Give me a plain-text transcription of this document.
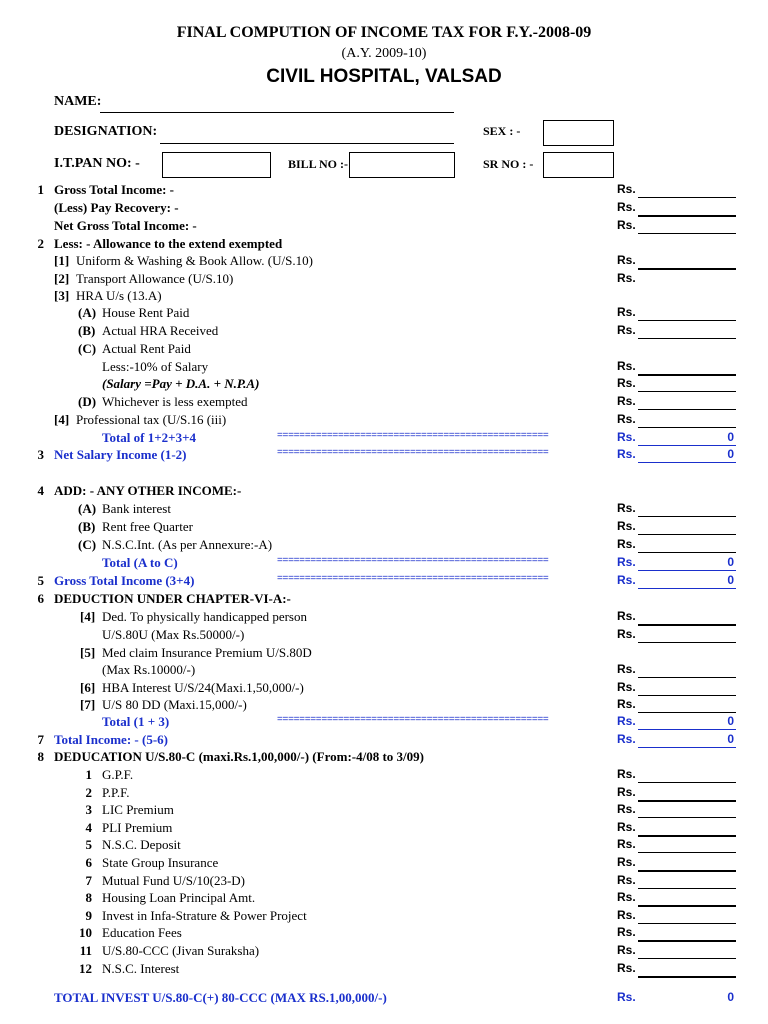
FINAL COMPUTION OF INCOME TAX FOR F.Y.-2008-09
(A.Y. 2009-10)
CIVIL HOSPITAL, VALSAD
NAME:
DESIGNATION:	SEX : -
I.T.PAN NO: -	BILL NO :-	SR NO : -
1 Gross Total Income: -	Rs.
(Less) Pay Recovery: -	Rs.
Net Gross Total Income: -	Rs.
2 Less: - Allowance to the extend exempted
[1] Uniform & Washing & Book Allow. (U/S.10)	Rs.
[2] Transport Allowance (U/S.10)	Rs.
[3] HRA U/s (13.A)
(A) House Rent Paid	Rs.
(B) Actual HRA Received	Rs.
(C) Actual Rent Paid
Less:-10% of Salary	Rs.
(Salary =Pay + D.A. + N.P.A)	Rs.
(D) Whichever is less exempted	Rs.
[4] Professional tax (U/S.16 (iii)	Rs.
Total of 1+2+3+4	=================================================	Rs.	0
3 Net Salary Income (1-2)	=================================================	Rs.	0
4 ADD: - ANY OTHER INCOME:-
(A) Bank interest	Rs.
(B) Rent free Quarter	Rs.
(C) N.S.C.Int. (As per Annexure:-A)	Rs.
Total (A to C)	=================================================	Rs.	0
5 Gross Total Income (3+4)	=================================================	Rs.	0
6 DEDUCTION UNDER CHAPTER-VI-A:-
[4] Ded. To physically handicapped person	Rs.
U/S.80U (Max Rs.50000/-)	Rs.
[5] Med claim Insurance Premium U/S.80D
(Max Rs.10000/-)	Rs.
[6] HBA Interest U/S/24(Maxi.1,50,000/-)	Rs.
[7] U/S 80 DD (Maxi.15,000/-)	Rs.
Total (1 + 3)	=================================================	Rs.	0
7 Total Income: - (5-6)	Rs.	0
8 DEDUCATION U/S.80-C (maxi.Rs.1,00,000/-) (From:-4/08 to 3/09)
1 G.P.F.	Rs.
2 P.P.F.	Rs.
3 LIC Premium	Rs.
4 PLI Premium	Rs.
5 N.S.C. Deposit	Rs.
6 State Group Insurance	Rs.
7 Mutual Fund U/S/10(23-D)	Rs.
8 Housing Loan Principal Amt.	Rs.
9 Invest in Infa-Strature & Power Project	Rs.
10 Education Fees	Rs.
11 U/S.80-CCC (Jivan Suraksha)	Rs.
12 N.S.C. Interest	Rs.
TOTAL INVEST U/S.80-C(+) 80-CCC (MAX RS.1,00,000/-)	Rs.	0
